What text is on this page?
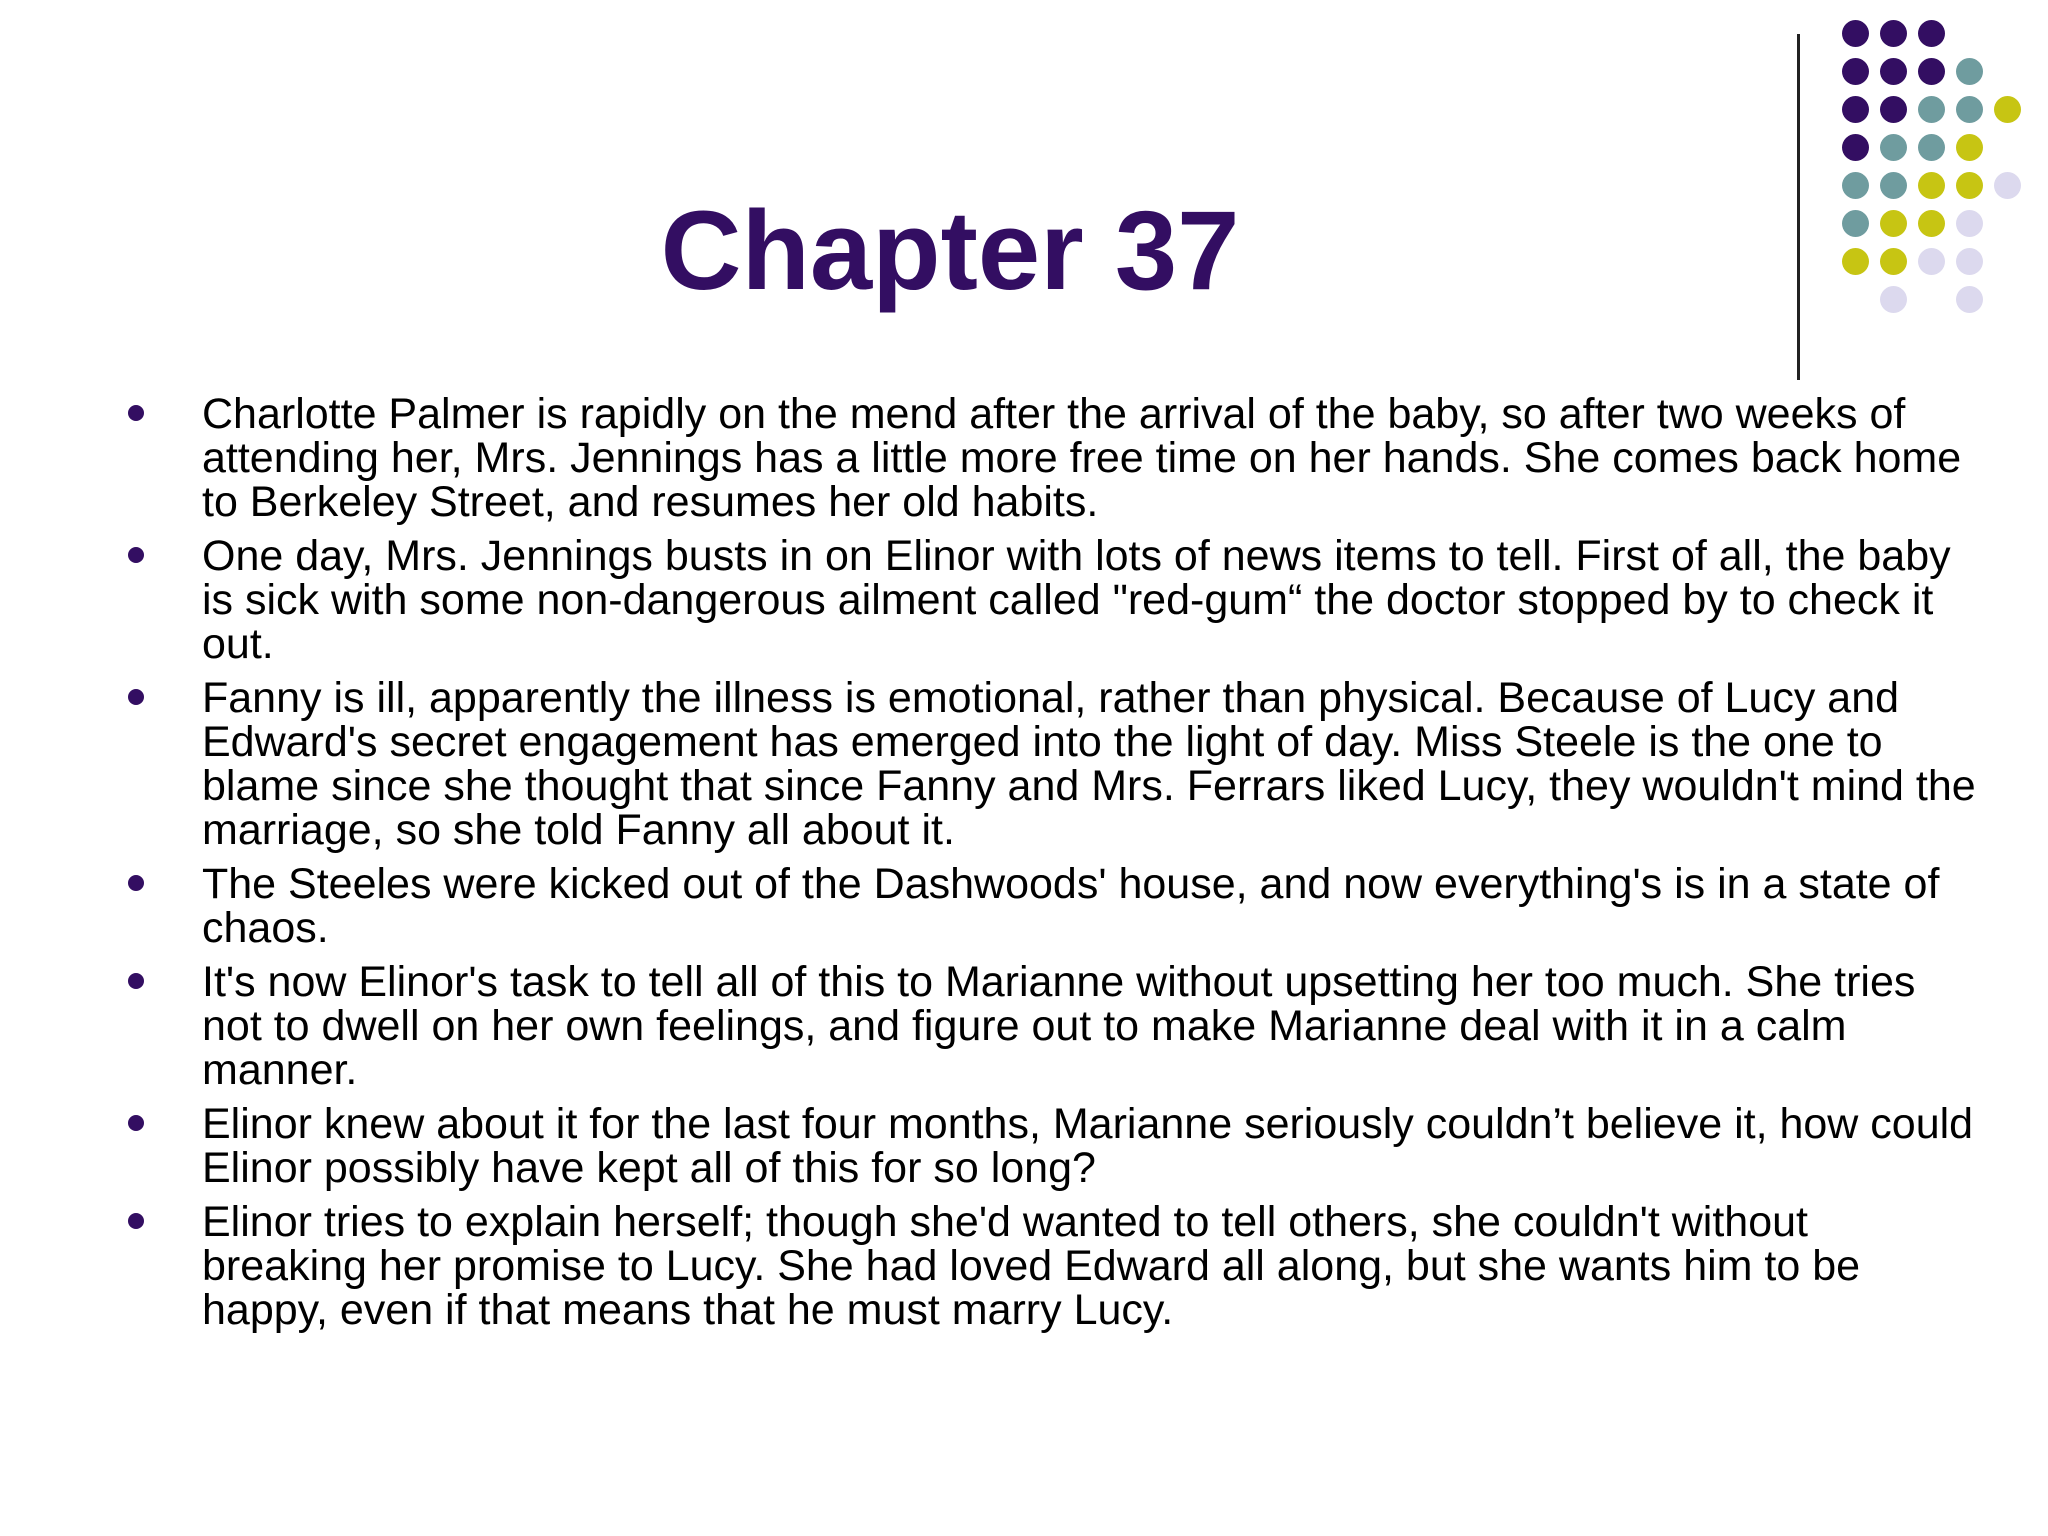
Chapter 37
Charlotte Palmer is rapidly on the mend after the arrival of the baby, so after two weeks of attending her, Mrs. Jennings has a little more free time on her hands. She comes back home to Berkeley Street, and resumes her old habits.
One day, Mrs. Jennings busts in on Elinor with lots of news items to tell. First of all, the baby is sick with some non-dangerous ailment called "red-gum“ the doctor stopped by to check it out.
Fanny is ill, apparently the illness is emotional, rather than physical. Because of Lucy and Edward's secret engagement has emerged into the light of day. Miss Steele is the one to blame since she thought that since Fanny and Mrs. Ferrars liked Lucy, they wouldn't mind the marriage, so she told Fanny all about it.
The Steeles were kicked out of the Dashwoods' house, and now everything's is in a state of chaos.
It's now Elinor's task to tell all of this to Marianne without upsetting her too much. She tries not to dwell on her own feelings, and figure out to make Marianne deal with it in a calm manner.
Elinor knew about it for the last four months, Marianne seriously couldn’t believe it, how could Elinor possibly have kept all of this for so long?
Elinor tries to explain herself; though she'd wanted to tell others, she couldn't without breaking her promise to Lucy. She had loved Edward all along, but she wants him to be happy, even if that means that he must marry Lucy.
